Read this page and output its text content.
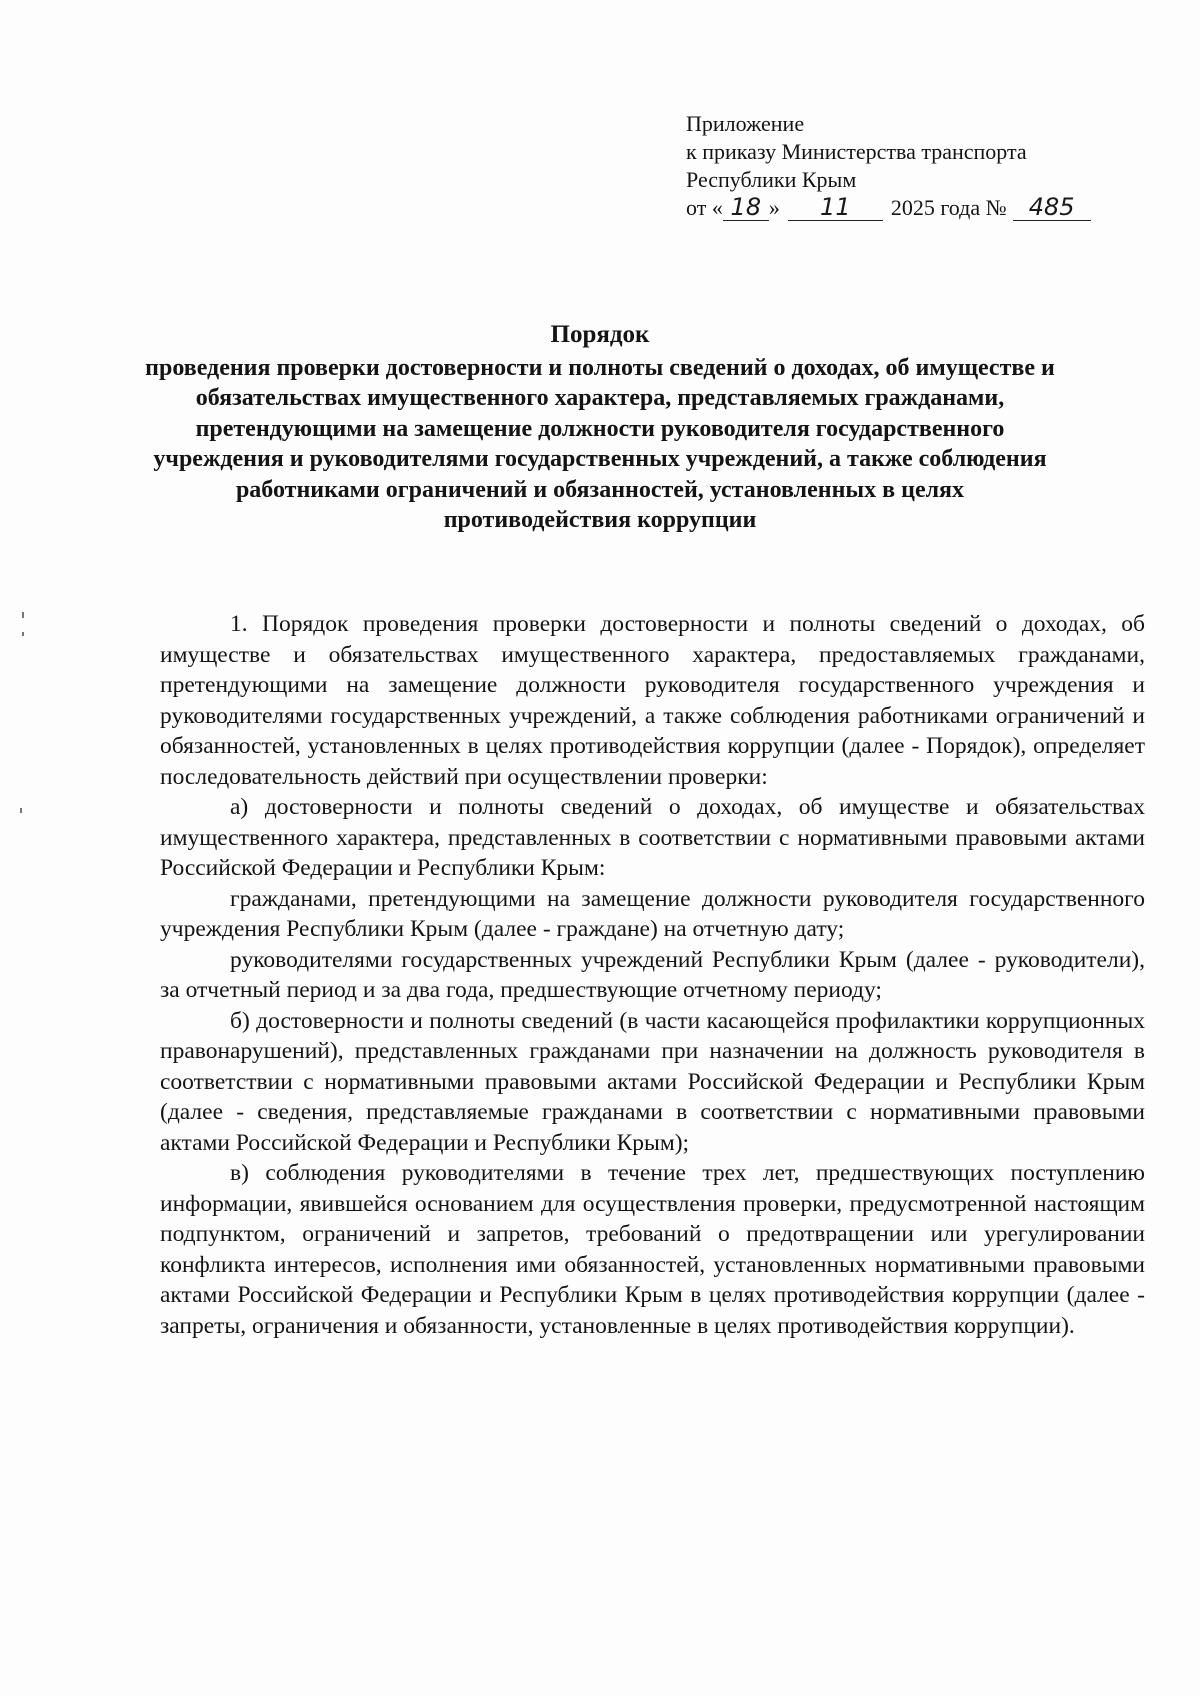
Приложение
к приказу Министерства транспорта
Республики Крым
от « 18 »	11	2025 года № 485
Порядок
проведения проверки достоверности и полноты сведений о доходах, об имуществе и обязательствах имущественного характера, представляемых гражданами, претендующими на замещение должности руководителя государственного учреждения и руководителями государственных учреждений, а также соблюдения работниками ограничений и обязанностей, установленных в целях противодействия коррупции

1. Порядок проведения проверки достоверности и полноты сведений о доходах, об имуществе и обязательствах имущественного характера, предоставляемых гражданами, претендующими на замещение должности руководителя государственного учреждения и руководителями государственных учреждений, а также соблюдения работниками ограничений и обязанностей, установленных в целях противодействия коррупции (далее - Порядок), определяет последовательность действий при осуществлении проверки:

а) достоверности и полноты сведений о доходах, об имуществе и обязательствах имущественного характера, представленных в соответствии с нормативными правовыми актами Российской Федерации и Республики Крым:

гражданами, претендующими на замещение должности руководителя государственного учреждения Республики Крым (далее - граждане) на отчетную дату;

руководителями государственных учреждений Республики Крым (далее - руководители), за отчетный период и за два года, предшествующие отчетному периоду;

б) достоверности и полноты сведений (в части касающейся профилактики коррупционных правонарушений), представленных гражданами при назначении на должность руководителя в соответствии с нормативными правовыми актами Российской Федерации и Республики Крым (далее - сведения, представляемые гражданами в соответствии с нормативными правовыми актами Российской Федерации и Республики Крым);

в) соблюдения руководителями в течение трех лет, предшествующих поступлению информации, явившейся основанием для осуществления проверки, предусмотренной настоящим подпунктом, ограничений и запретов, требований о предотвращении или урегулировании конфликта интересов, исполнения ими обязанностей, установленных нормативными правовыми актами Российской Федерации и Республики Крым в целях противодействия коррупции (далее - запреты, ограничения и обязанности, установленные в целях противодействия коррупции).
